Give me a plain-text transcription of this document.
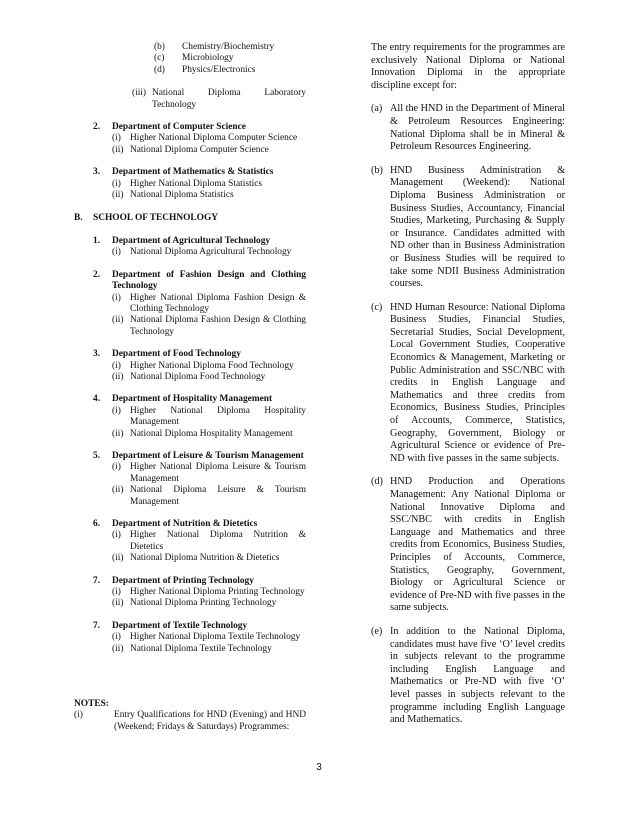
(b)	Chemistry/Biochemistry
(c)	Microbiology
(d)	Physics/Electronics
(iii) National Diploma Laboratory Technology
2.	Department of Computer Science
(i) Higher National Diploma Computer Science
(ii) National Diploma Computer Science
3.	Department of Mathematics & Statistics
(i) Higher National Diploma Statistics
(ii) National Diploma Statistics
B.	SCHOOL OF TECHNOLOGY
1.	Department of Agricultural Technology
(i) National Diploma Agricultural Technology
2.	Department of Fashion Design and Clothing Technology
(i) Higher National Diploma Fashion Design & Clothing Technology
(ii) National Diploma Fashion Design & Clothing Technology
3.	Department of Food Technology
(i) Higher National Diploma Food Technology
(ii) National Diploma Food Technology
4.	Department of Hospitality Management
(i) Higher National Diploma Hospitality Management
(ii) National Diploma Hospitality Management
5.	Department of Leisure & Tourism Management
(i) Higher National Diploma Leisure & Tourism Management
(ii) National Diploma Leisure & Tourism Management
6.	Department of Nutrition & Dietetics
(i) Higher National Diploma Nutrition & Dietetics
(ii) National Diploma Nutrition & Dietetics
7.	Department of Printing Technology
(i) Higher National Diploma Printing Technology
(ii) National Diploma Printing Technology
7.	Department of Textile Technology
(i) Higher National Diploma Textile Technology
(ii) National Diploma Textile Technology
NOTES:
(i)	Entry Qualifications for HND (Evening) and HND (Weekend; Fridays & Saturdays) Programmes:
The entry requirements for the programmes are exclusively National Diploma or National Innovation Diploma in the appropriate discipline except for:
(a) All the HND in the Department of Mineral & Petroleum Resources Engineering: National Diploma shall be in Mineral & Petroleum Resources Engineering.
(b) HND Business Administration & Management (Weekend): National Diploma Business Administration or Business Studies, Accountancy, Financial Studies, Marketing, Purchasing & Supply or Insurance. Candidates admitted with ND other than in Business Administration or Business Studies will be required to take some NDII Business Administration courses.
(c) HND Human Resource: National Diploma Business Studies, Financial Studies, Secretarial Studies, Social Development, Local Government Studies, Cooperative Economics & Management, Marketing or Public Administration and SSC/NBC with credits in English Language and Mathematics and three credits from Economics, Business Studies, Principles of Accounts, Commerce, Statistics, Geography, Government, Biology or Agricultural Science or evidence of Pre-ND with five passes in the same subjects.
(d) HND Production and Operations Management: Any National Diploma or National Innovative Diploma and SSC/NBC with credits in English Language and Mathematics and three credits from Economics, Business Studies, Principles of Accounts, Commerce, Statistics, Geography, Government, Biology or Agricultural Science or evidence of Pre-ND with five passes in the same subjects.
(e) In addition to the National Diploma, candidates must have five ‘O’ level credits in subjects relevant to the programme including English Language and Mathematics or Pre-ND with five ‘O’ level passes in subjects relevant to the programme including English Language and Mathematics.
3
